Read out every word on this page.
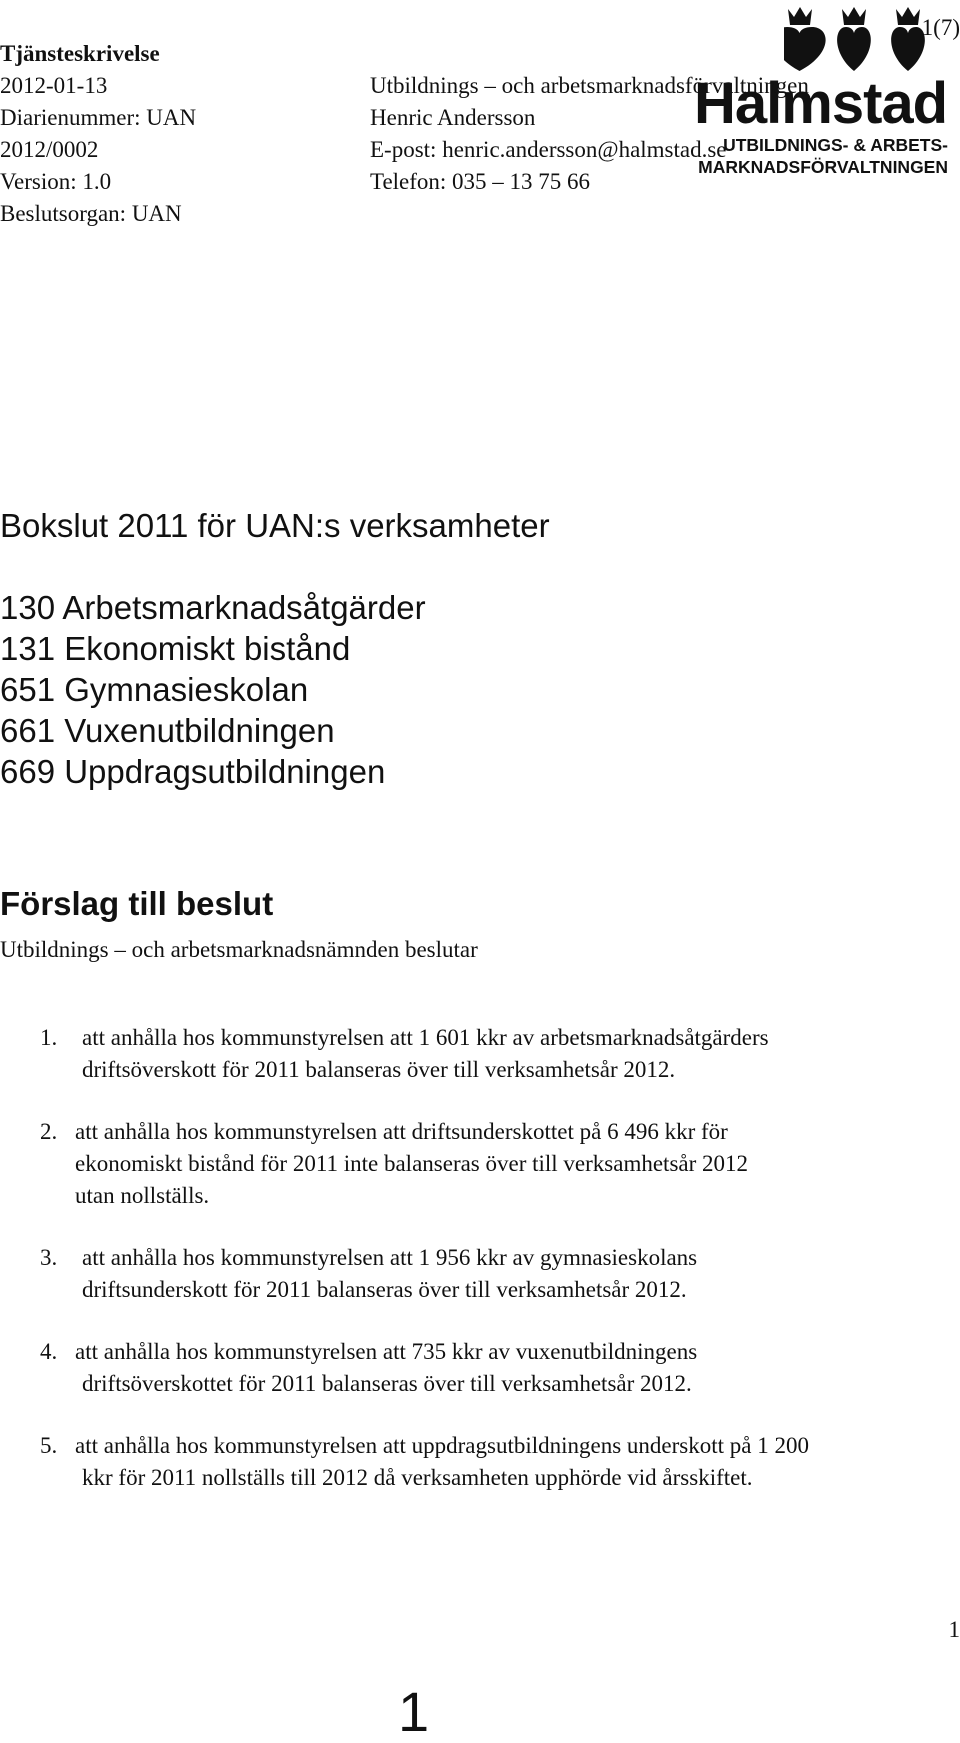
Halmstad
UTBILDNINGS- & ARBETS-
MARKNADSFÖRVALTNINGEN
1(7)
Tjänsteskrivelse
2012-01-13
Diarienummer: UAN
2012/0002
Version: 1.0
Beslutsorgan: UAN
Utbildnings – och arbetsmarknadsförvaltningen
Henric Andersson
E-post: henric.andersson@halmstad.se
Telefon: 035 – 13 75 66
Bokslut 2011 för UAN:s verksamheter
130 Arbetsmarknadsåtgärder
131 Ekonomiskt bistånd
651 Gymnasieskolan
661 Vuxenutbildningen
669 Uppdragsutbildningen
Förslag till beslut
Utbildnings – och arbetsmarknadsnämnden beslutar
1. att anhålla hos kommunstyrelsen att 1 601 kkr av arbetsmarknadsåtgärders
driftsöverskott för 2011 balanseras över till verksamhetsår 2012.
2. att anhålla hos kommunstyrelsen att driftsunderskottet på 6 496 kkr för
ekonomiskt bistånd för 2011 inte balanseras över till verksamhetsår 2012
utan nollställs.
3. att anhålla hos kommunstyrelsen att 1 956 kkr av gymnasieskolans
driftsunderskott för 2011 balanseras över till verksamhetsår 2012.
4. att anhålla hos kommunstyrelsen att 735 kkr av vuxenutbildningens
driftsöverskottet för 2011 balanseras över till verksamhetsår 2012.
5. att anhålla hos kommunstyrelsen att uppdragsutbildningens underskott på 1 200
kkr för 2011 nollställs till 2012 då verksamheten upphörde vid årsskiftet.
1
1
